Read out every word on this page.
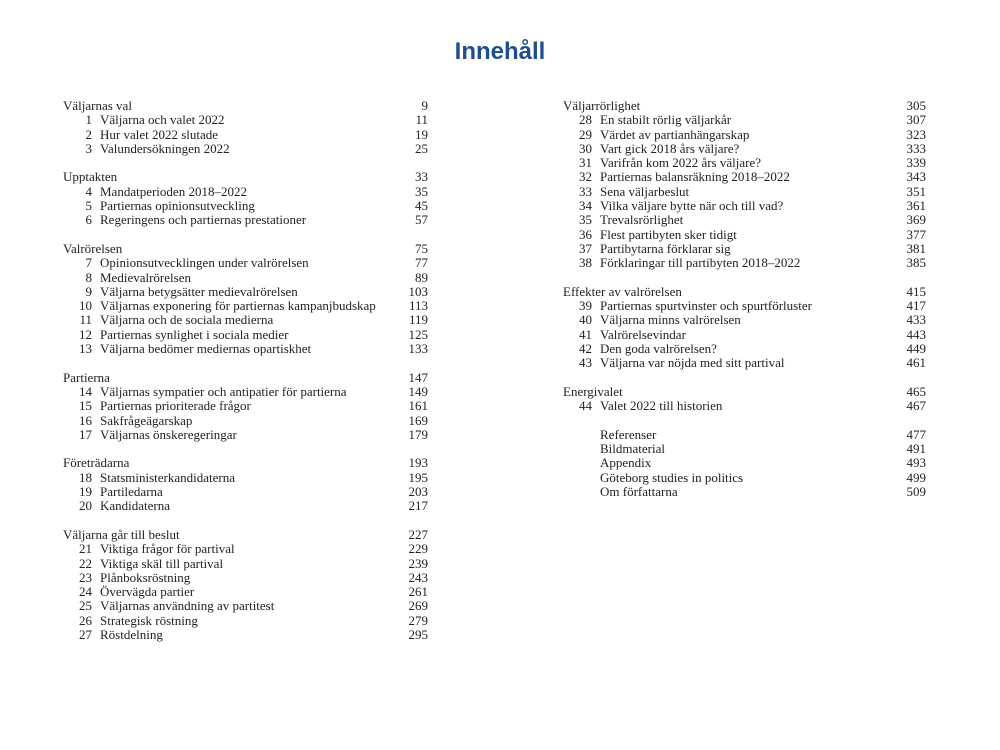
Innehåll
Väljarnas val	9
1 Väljarna och valet 2022	11
2 Hur valet 2022 slutade	19
3 Valundersökningen 2022	25
Upptakten	33
4 Mandatperioden 2018–2022	35
5 Partiernas opinionsutveckling	45
6 Regeringens och partiernas prestationer	57
Valrörelsen	75
7 Opinionsutvecklingen under valrörelsen	77
8 Medievalrörelsen	89
9 Väljarna betygsätter medievalrörelsen	103
10 Väljarnas exponering för partiernas kampanjbudskap	113
11 Väljarna och de sociala medierna	119
12 Partiernas synlighet i sociala medier	125
13 Väljarna bedömer mediernas opartiskhet	133
Partierna	147
14 Väljarnas sympatier och antipatier för partierna	149
15 Partiernas prioriterade frågor	161
16 Sakfrågeägarskap	169
17 Väljarnas önskeregeringar	179
Företrädarna	193
18 Statsministerkandidaterna	195
19 Partiledarna	203
20 Kandidaterna	217
Väljarna går till beslut	227
21 Viktiga frågor för partival	229
22 Viktiga skäl till partival	239
23 Plånboksröstning	243
24 Övervägda partier	261
25 Väljarnas användning av partitest	269
26 Strategisk röstning	279
27 Röstdelning	295
Väljarrörlighet	305
28 En stabilt rörlig väljarkår	307
29 Värdet av partianhängarskap	323
30 Vart gick 2018 års väljare?	333
31 Varifrån kom 2022 års väljare?	339
32 Partiernas balansräkning 2018–2022	343
33 Sena väljarbeslut	351
34 Vilka väljare bytte när och till vad?	361
35 Trevalsrörlighet	369
36 Flest partibyten sker tidigt	377
37 Partibytarna förklarar sig	381
38 Förklaringar till partibyten 2018–2022	385
Effekter av valrörelsen	415
39 Partiernas spurtvinster och spurtförluster	417
40 Väljarna minns valrörelsen	433
41 Valrörelsevindar	443
42 Den goda valrörelsen?	449
43 Väljarna var nöjda med sitt partival	461
Energivalet	465
44 Valet 2022 till historien	467
Referenser	477
Bildmaterial	491
Appendix	493
Göteborg studies in politics	499
Om författarna	509
